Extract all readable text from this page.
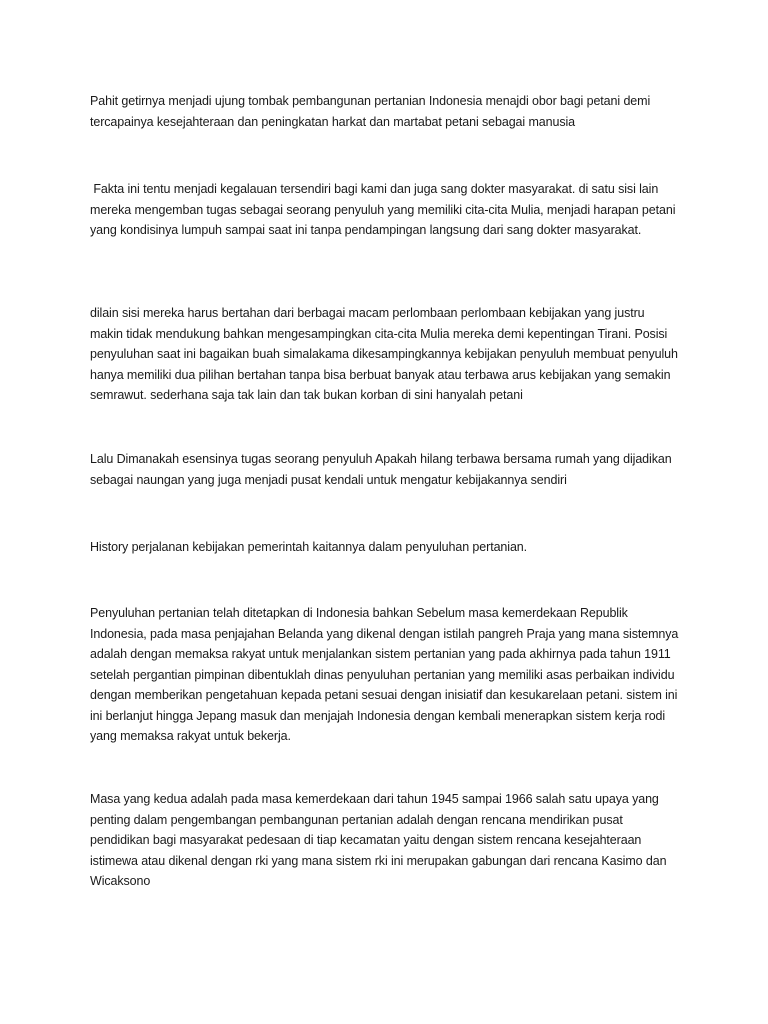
Pahit getirnya menjadi ujung tombak pembangunan pertanian Indonesia menajdi obor bagi petani demi tercapainya kesejahteraan dan peningkatan harkat dan martabat petani sebagai manusia

Fakta ini tentu menjadi kegalauan tersendiri bagi kami dan juga sang dokter masyarakat. di satu sisi lain mereka mengemban tugas sebagai seorang penyuluh yang memiliki cita-cita Mulia, menjadi harapan petani yang kondisinya lumpuh sampai saat ini tanpa pendampingan langsung dari sang dokter masyarakat.

dilain sisi mereka harus bertahan dari berbagai macam perlombaan perlombaan kebijakan yang justru makin tidak mendukung bahkan mengesampingkan cita-cita Mulia mereka demi kepentingan Tirani. Posisi penyuluhan saat ini bagaikan buah simalakama dikesampingkannya kebijakan penyuluh membuat penyuluh hanya memiliki dua pilihan bertahan tanpa bisa berbuat banyak atau terbawa arus kebijakan yang semakin semrawut. sederhana saja tak lain dan tak bukan korban di sini hanyalah petani

Lalu Dimanakah esensinya tugas seorang penyuluh Apakah hilang terbawa bersama rumah yang dijadikan sebagai naungan yang juga menjadi pusat kendali untuk mengatur kebijakannya sendiri

History perjalanan kebijakan pemerintah kaitannya dalam penyuluhan pertanian.

Penyuluhan pertanian telah ditetapkan di Indonesia bahkan Sebelum masa kemerdekaan Republik Indonesia, pada masa penjajahan Belanda yang dikenal dengan istilah pangreh Praja yang mana sistemnya adalah dengan memaksa rakyat untuk menjalankan sistem pertanian yang pada akhirnya pada tahun 1911 setelah pergantian pimpinan dibentuklah dinas penyuluhan pertanian yang memiliki asas perbaikan individu dengan memberikan pengetahuan kepada petani sesuai dengan inisiatif dan kesukarelaan petani. sistem ini ini berlanjut hingga Jepang masuk dan menjajah Indonesia dengan kembali menerapkan sistem kerja rodi yang memaksa rakyat untuk bekerja.

Masa yang kedua adalah pada masa kemerdekaan dari tahun 1945 sampai 1966 salah satu upaya yang penting dalam pengembangan pembangunan pertanian adalah dengan rencana mendirikan pusat pendidikan bagi masyarakat pedesaan di tiap kecamatan yaitu dengan sistem rencana kesejahteraan istimewa atau dikenal dengan rki yang mana sistem rki ini merupakan gabungan dari rencana Kasimo dan Wicaksono
